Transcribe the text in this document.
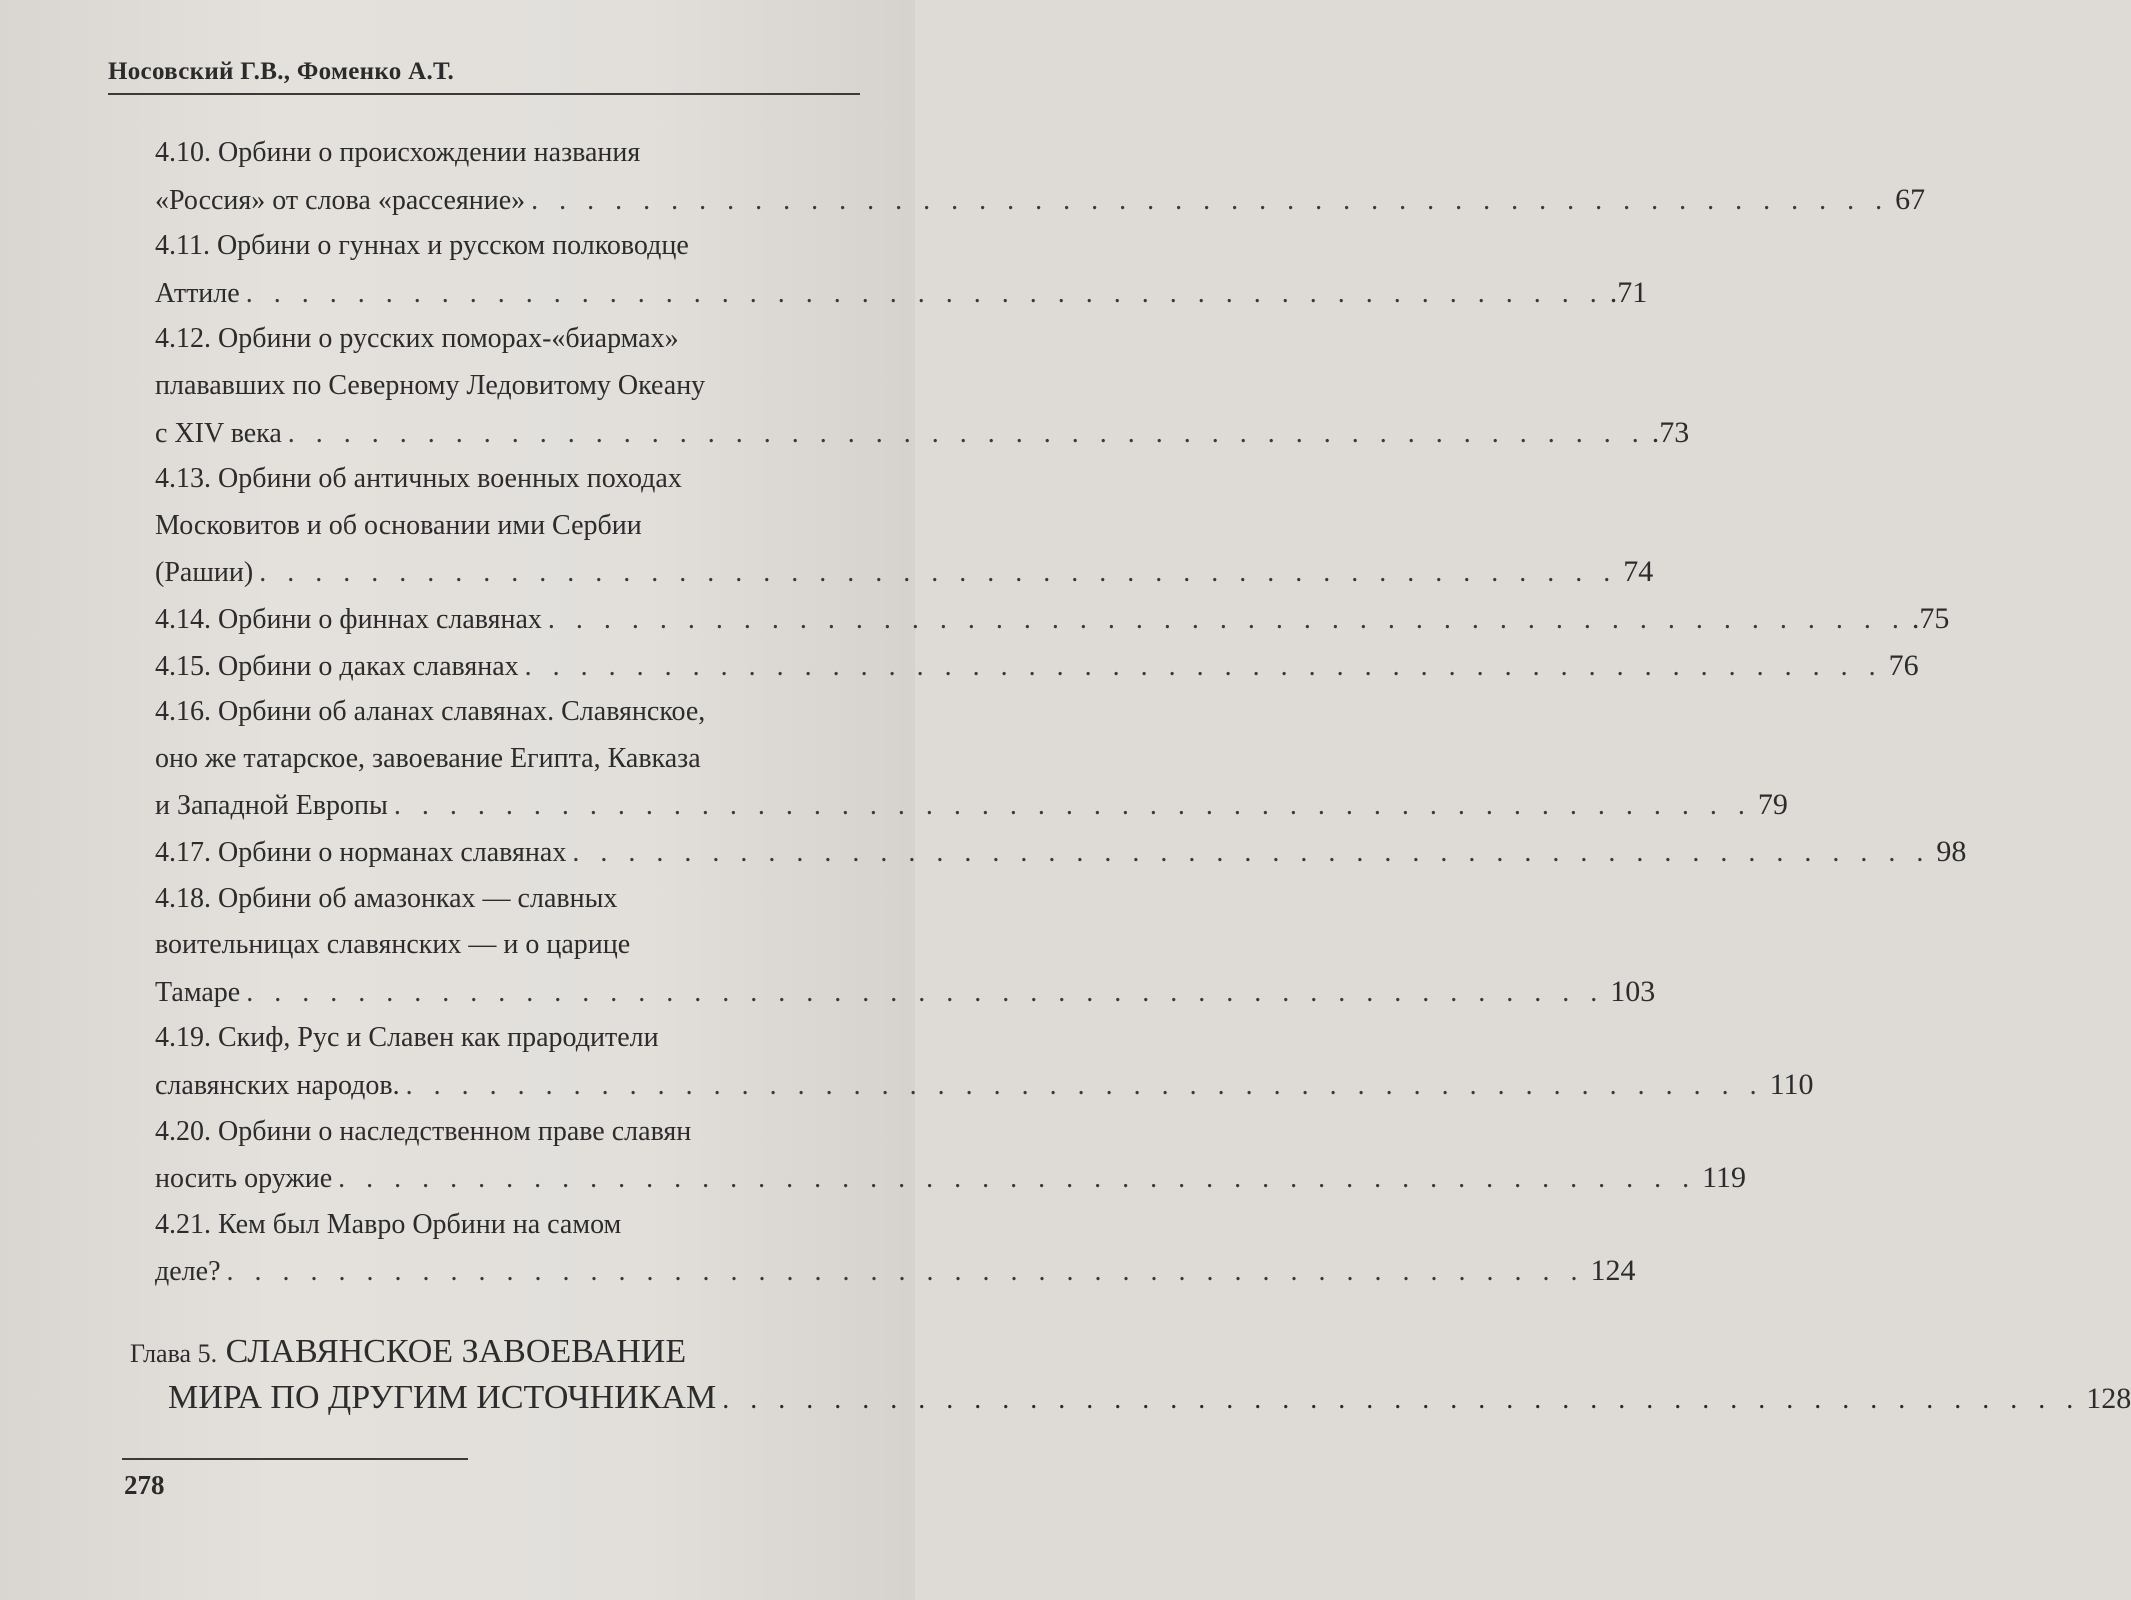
Носовский Г.В., Фоменко А.Т.
4.10. Орбини о происхождении названия
«Россия» от слова «рассеяние» . . . . . . . . . . . . . . . . . . . . . . . . . . . . . . . . . . . . . . . . . . . . . . . . . 67
4.11. Орбини о гуннах и русском полководце
Аттиле . . . . . . . . . . . . . . . . . . . . . . . . . . . . . . . . . . . . . . . . . . . . . . . . . .71
4.12. Орбини о русских поморах-«биармах»
плававших по Северному Ледовитому Океану
с XIV века . . . . . . . . . . . . . . . . . . . . . . . . . . . . . . . . . . . . . . . . . . . . . . . . . .73
4.13. Орбини об античных военных походах
Московитов и об основании ими Сербии
(Рашии) . . . . . . . . . . . . . . . . . . . . . . . . . . . . . . . . . . . . . . . . . . . . . . . . . 74
4.14. Орбини о финнах славянах . . . . . . . . . . . . . . . . . . . . . . . . . . . . . . . . . . . . . . . . . . . . . . . . . .75
4.15. Орбини о даках славянах . . . . . . . . . . . . . . . . . . . . . . . . . . . . . . . . . . . . . . . . . . . . . . . . . 76
4.16. Орбини об аланах славянах. Славянское,
оно же татарское, завоевание Египта, Кавказа
и Западной Европы . . . . . . . . . . . . . . . . . . . . . . . . . . . . . . . . . . . . . . . . . . . . . . . . . 79
4.17. Орбини о норманах славянах . . . . . . . . . . . . . . . . . . . . . . . . . . . . . . . . . . . . . . . . . . . . . . . . . 98
4.18. Орбини об амазонках — славных
воительницах славянских — и о царице
Тамаре . . . . . . . . . . . . . . . . . . . . . . . . . . . . . . . . . . . . . . . . . . . . . . . . . 103
4.19. Скиф, Рус и Славен как прародители
славянских народов. . . . . . . . . . . . . . . . . . . . . . . . . . . . . . . . . . . . . . . . . . . . . . . . . . 110
4.20. Орбини о наследственном праве славян
носить оружие . . . . . . . . . . . . . . . . . . . . . . . . . . . . . . . . . . . . . . . . . . . . . . . . . 119
4.21. Кем был Мавро Орбини на самом
деле? . . . . . . . . . . . . . . . . . . . . . . . . . . . . . . . . . . . . . . . . . . . . . . . . . 124
Глава 5. СЛАВЯНСКОЕ ЗАВОЕВАНИЕ
МИРА ПО ДРУГИМ ИСТОЧНИКАМ . . . . . . . . . . . . . . . . . . . . . . . . . . . . . . . . . . . . . . . . . . . . . . . . . 128
278
